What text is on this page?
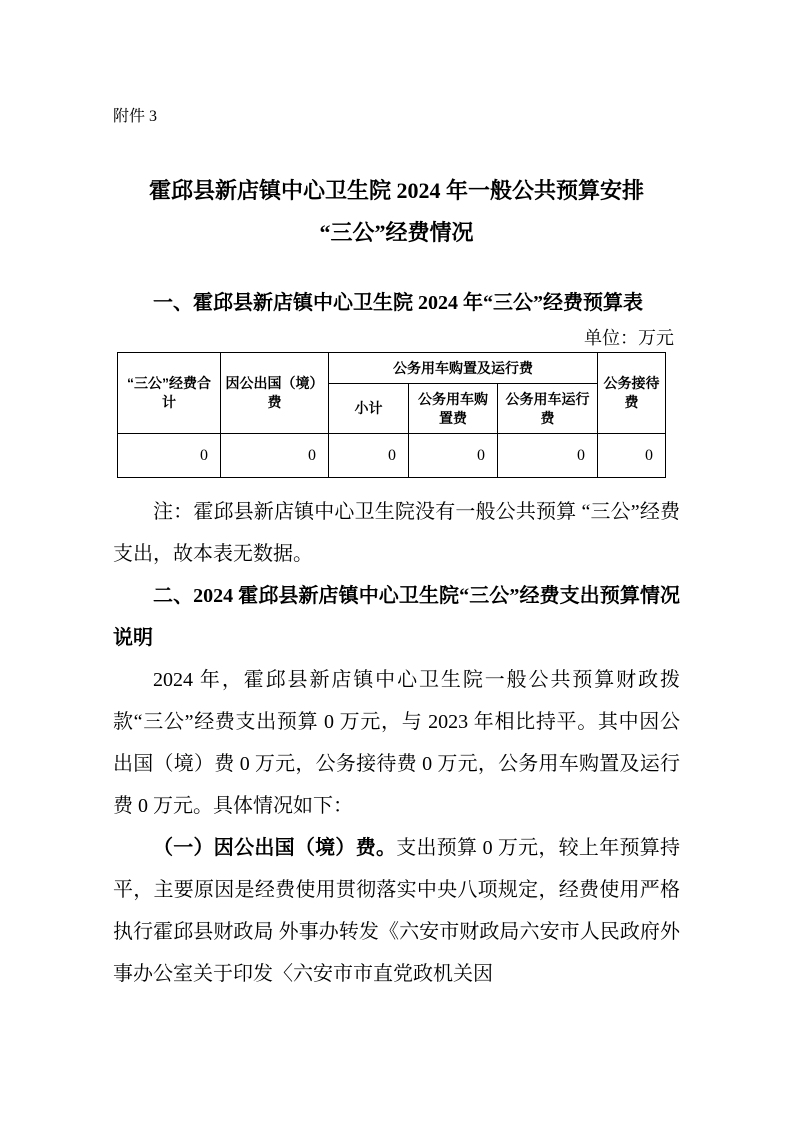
附件 3
霍邱县新店镇中心卫生院 2024 年一般公共预算安排
“三公”经费情况
一、霍邱县新店镇中心卫生院 2024 年“三公”经费预算表
单位：万元
“三公”经费合计	因公出国（境）费	公务用车购置及运行费			公务接待费
		小计	公务用车购置费	公务用车运行费	
0	0	0	0	0	0

注：霍邱县新店镇中心卫生院没有一般公共预算 “三公”经费支出，故本表无数据。

二、2024 霍邱县新店镇中心卫生院“三公”经费支出预算情况说明

2024 年，霍邱县新店镇中心卫生院一般公共预算财政拨款“三公”经费支出预算 0 万元，与 2023 年相比持平。其中因公出国（境）费 0 万元，公务接待费 0 万元，公务用车购置及运行费 0 万元。具体情况如下：

（一）因公出国（境）费。支出预算 0 万元，较上年预算持平，主要原因是经费使用贯彻落实中央八项规定，经费使用严格执行霍邱县财政局 外事办转发《六安市财政局六安市人民政府外事办公室关于印发〈六安市市直党政机关因
